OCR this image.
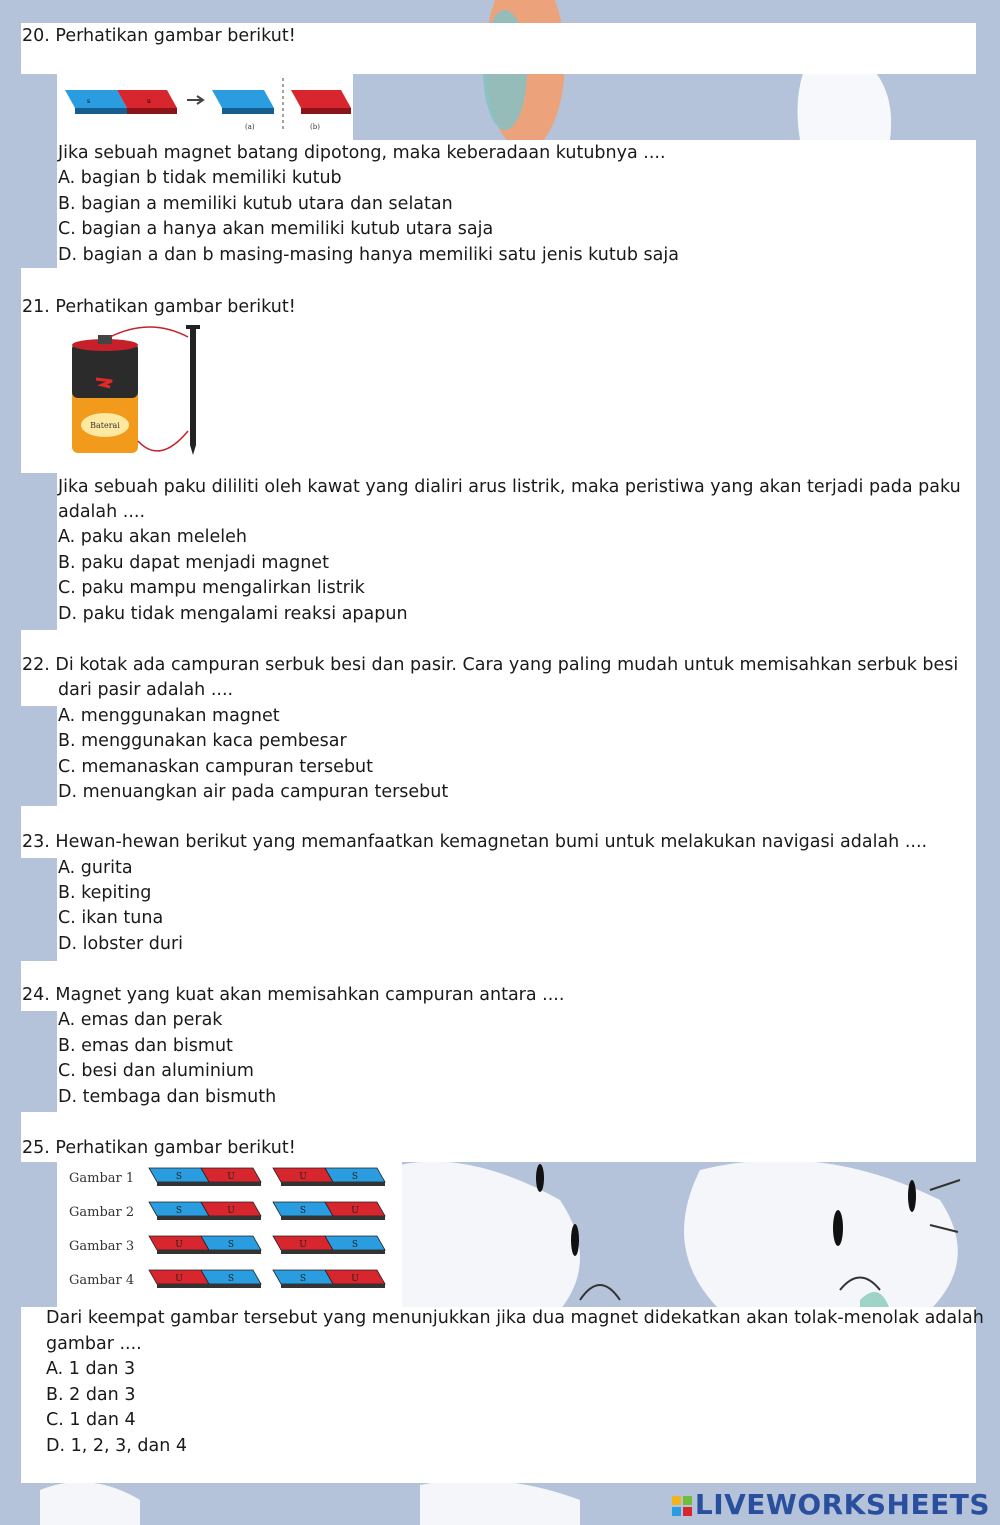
20. Perhatikan gambar berikut!
s	u
(a)	(b)
Jika sebuah magnet batang dipotong, maka keberadaan kutubnya ....
A. bagian b tidak memiliki kutub
B. bagian a memiliki kutub utara dan selatan
C. bagian a hanya akan memiliki kutub utara saja
D. bagian a dan b masing-masing hanya memiliki satu jenis kutub saja
21. Perhatikan gambar berikut!
Baterai
Jika sebuah paku dililiti oleh kawat yang dialiri arus listrik, maka peristiwa yang akan terjadi pada paku
adalah ....
A. paku akan meleleh
B. paku dapat menjadi magnet
C. paku mampu mengalirkan listrik
D. paku tidak mengalami reaksi apapun
22. Di kotak ada campuran serbuk besi dan pasir. Cara yang paling mudah untuk memisahkan serbuk besi
dari pasir adalah ....
A. menggunakan magnet
B. menggunakan kaca pembesar
C. memanaskan campuran tersebut
D. menuangkan air pada campuran tersebut
23. Hewan-hewan berikut yang memanfaatkan kemagnetan bumi untuk melakukan navigasi adalah ....
A. gurita
B. kepiting
C. ikan tuna
D. lobster duri
24. Magnet yang kuat akan memisahkan campuran antara ....
A. emas dan perak
B. emas dan bismut
C. besi dan aluminium
D. tembaga dan bismuth
25. Perhatikan gambar berikut!
Gambar 1	S	U	U	S
Gambar 2	S	U	S	U
Gambar 3	U	S	U	S
Gambar 4	U	S	S	U
Dari keempat gambar tersebut yang menunjukkan jika dua magnet didekatkan akan tolak-menolak adalah
gambar ....
A. 1 dan 3
B. 2 dan 3
C. 1 dan 4
D. 1, 2, 3, dan 4
LIVEWORKSHEETS
